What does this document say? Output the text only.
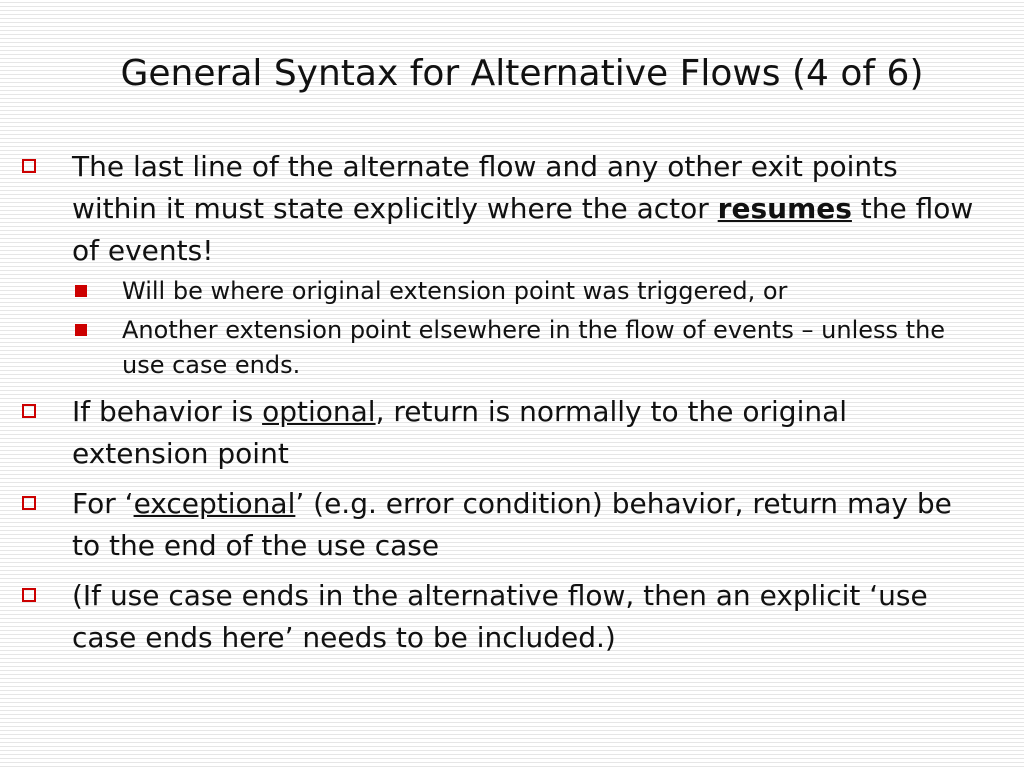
General Syntax for Alternative Flows (4 of 6)
The last line of the alternate flow and any other exit points within it must state explicitly where the actor resumes the flow of events!
Will be where original extension point was triggered, or
Another extension point elsewhere in the flow of events – unless the use case ends.
If behavior is optional, return is normally to the original extension point
For ‘exceptional’ (e.g. error condition) behavior, return may be to the end of the use case
(If use case ends in the alternative flow, then an explicit ‘use case ends here’ needs to be included.)
